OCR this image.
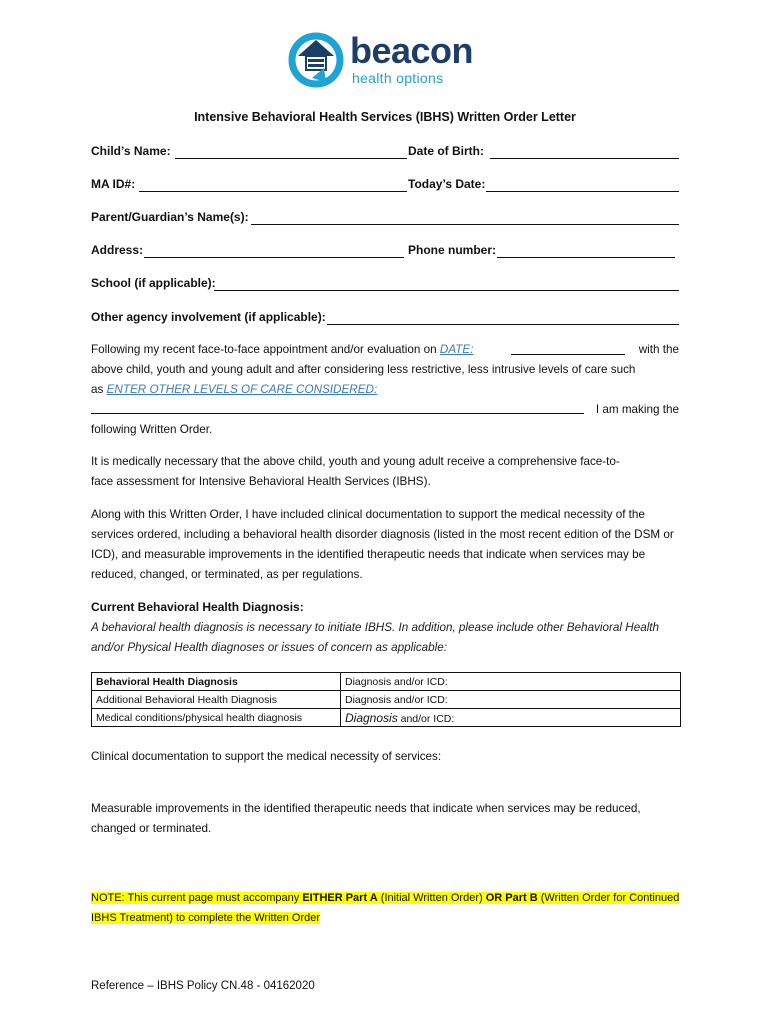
beacon
health options
Intensive Behavioral Health Services (IBHS) Written Order Letter
Child’s Name:	Date of Birth:
MA ID#:	Today’s Date:
Parent/Guardian’s Name(s):
Address:	Phone number:
School (if applicable):
Other agency involvement (if applicable):
Following my recent face-to-face appointment and/or evaluation on DATE:	with the
above child, youth and young adult and after considering less restrictive, less intrusive levels of care such
as ENTER OTHER LEVELS OF CARE CONSIDERED:
I am making the
following Written Order.
It is medically necessary that the above child, youth and young adult receive a comprehensive face-to-face assessment for Intensive Behavioral Health Services (IBHS).
Along with this Written Order, I have included clinical documentation to support the medical necessity of the services ordered, including a behavioral health disorder diagnosis (listed in the most recent edition of the DSM or ICD), and measurable improvements in the identified therapeutic needs that indicate when services may be reduced, changed, or terminated, as per regulations.
Current Behavioral Health Diagnosis:
A behavioral health diagnosis is necessary to initiate IBHS. In addition, please include other Behavioral Health and/or Physical Health diagnoses or issues of concern as applicable:
Behavioral Health Diagnosis	Diagnosis and/or ICD:
Additional Behavioral Health Diagnosis	Diagnosis and/or ICD:
Medical conditions/physical health diagnosis	Diagnosis and/or ICD:
Clinical documentation to support the medical necessity of services:
Measurable improvements in the identified therapeutic needs that indicate when services may be reduced, changed or terminated.
NOTE: This current page must accompany EITHER Part A (Initial Written Order) OR Part B (Written Order for Continued IBHS Treatment) to complete the Written Order
Reference – IBHS Policy CN.48 - 04162020
